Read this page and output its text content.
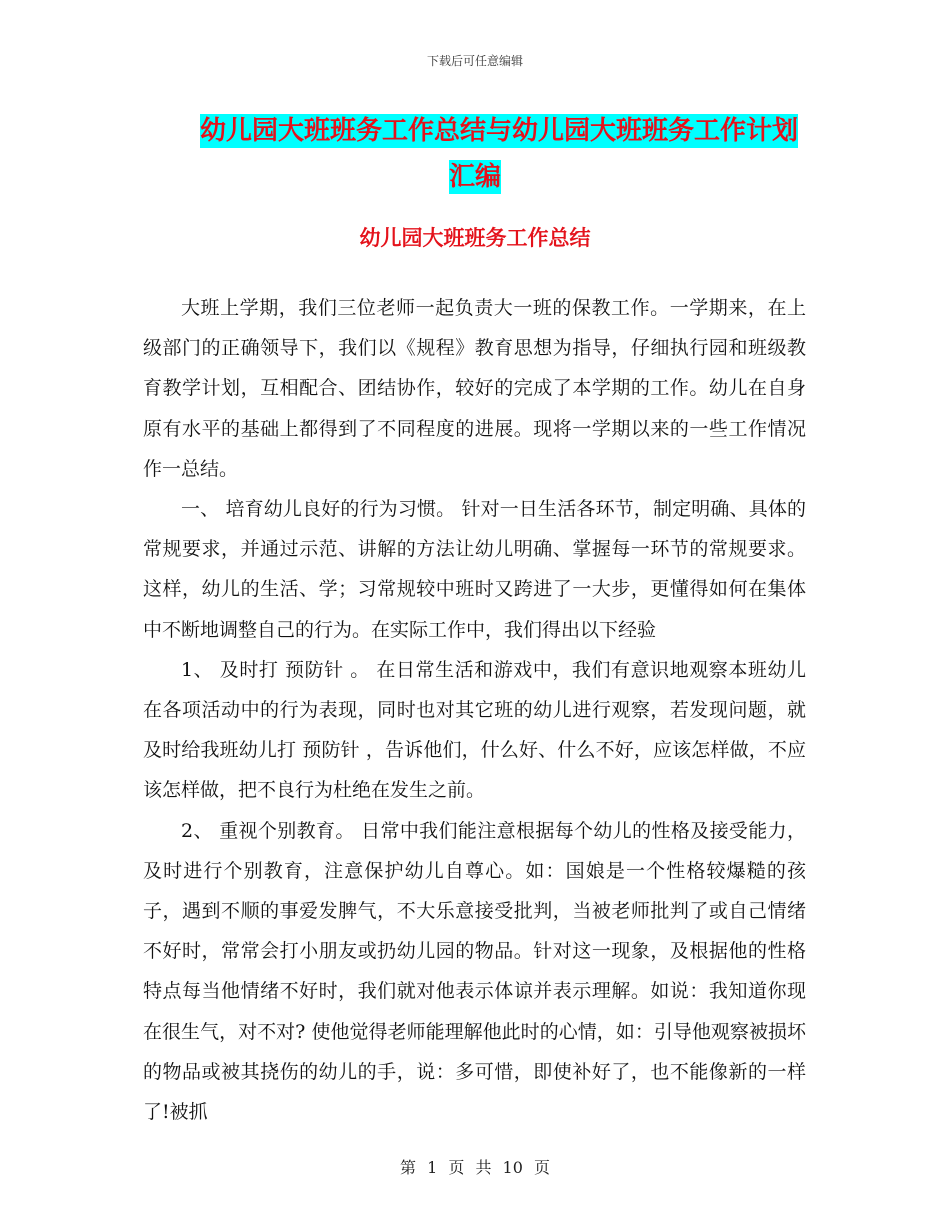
下载后可任意编辑
幼儿园大班班务工作总结与幼儿园大班班务工作计划
汇编
幼儿园大班班务工作总结

大班上学期，我们三位老师一起负责大一班的保教工作。一学期来，在上级部门的正确领导下，我们以《规程》教育思想为指导，仔细执行园和班级教育教学计划，互相配合、团结协作，较好的完成了本学期的工作。幼儿在自身原有水平的基础上都得到了不同程度的进展。现将一学期以来的一些工作情况作一总结。

一、 培育幼儿良好的行为习惯。 针对一日生活各环节，制定明确、具体的常规要求，并通过示范、讲解的方法让幼儿明确、掌握每一环节的常规要求。这样，幼儿的生活、学；习常规较中班时又跨进了一大步，更懂得如何在集体中不断地调整自己的行为。在实际工作中，我们得出以下经验

1、 及时打 预防针 。 在日常生活和游戏中，我们有意识地观察本班幼儿在各项活动中的行为表现，同时也对其它班的幼儿进行观察，若发现问题，就及时给我班幼儿打 预防针 ，告诉他们，什么好、什么不好，应该怎样做，不应该怎样做，把不良行为杜绝在发生之前。

2、 重视个别教育。 日常中我们能注意根据每个幼儿的性格及接受能力，及时进行个别教育，注意保护幼儿自尊心。如：国娘是一个性格较爆糙的孩子，遇到不顺的事爱发脾气，不大乐意接受批判，当被老师批判了或自己情绪不好时，常常会打小朋友或扔幼儿园的物品。针对这一现象，及根据他的性格特点每当他情绪不好时，我们就对他表示体谅并表示理解。如说：我知道你现在很生气，对不对? 使他觉得老师能理解他此时的心情，如：引导他观察被损坏的物品或被其挠伤的幼儿的手，说：多可惜，即使补好了，也不能像新的一样了!被抓

第 1 页 共 10 页
